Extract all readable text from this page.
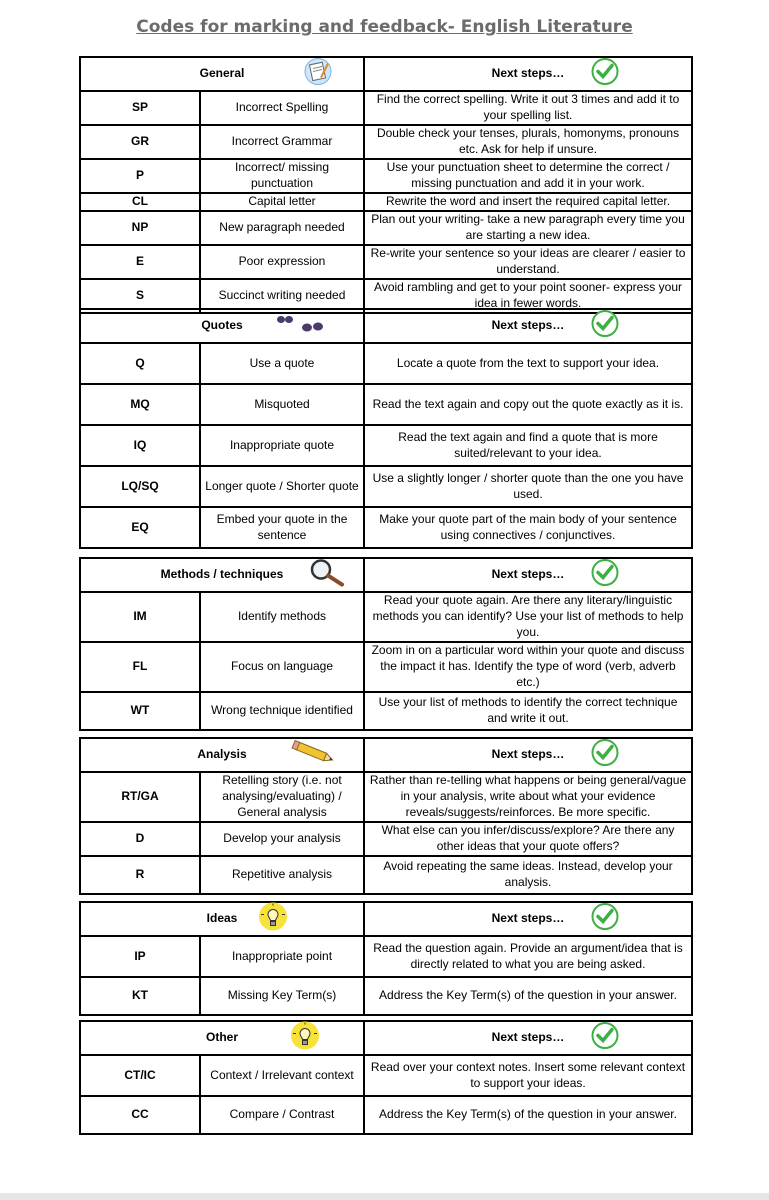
Codes for marking and feedback- English Literature
General		Next steps…

SP	Incorrect Spelling	Find the correct spelling. Write it out 3 times and add it to your spelling list.
GR	Incorrect Grammar	Double check your tenses, plurals, homonyms, pronouns etc. Ask for help if unsure.
P	Incorrect/ missing punctuation	Use your punctuation sheet to determine the correct / missing punctuation and add it in your work.
CL	Capital letter	Rewrite the word and insert the required capital letter.
NP	New paragraph needed	Plan out your writing- take a new paragraph every time you are starting a new idea.
E	Poor expression	Re-write your sentence so your ideas are clearer / easier to understand.
S	Succinct writing needed	Avoid rambling and get to your point sooner- express your idea in fewer words.
Quotes		Next steps…

Q	Use a quote	Locate a quote from the text to support your idea.
MQ	Misquoted	Read the text again and copy out the quote exactly as it is.
IQ	Inappropriate quote	Read the text again and find a quote that is more suited/relevant to your idea.
LQ/SQ	Longer quote / Shorter quote	Use a slightly longer / shorter quote than the one you have used.
EQ	Embed your quote in the sentence	Make your quote part of the main body of your sentence using connectives / conjunctives.
Methods / techniques		Next steps…

IM	Identify methods	Read your quote again. Are there any literary/linguistic methods you can identify? Use your list of methods to help you.
FL	Focus on language	Zoom in on a particular word within your quote and discuss the impact it has. Identify the type of word (verb, adverb etc.)
WT	Wrong technique identified	Use your list of methods to identify the correct technique and write it out.
Analysis		Next steps…

RT/GA	Retelling story (i.e. not analysing/evaluating) / General analysis	Rather than re-telling what happens or being general/vague in your analysis, write about what your evidence reveals/suggests/reinforces. Be more specific.
D	Develop your analysis	What else can you infer/discuss/explore? Are there any other ideas that your quote offers?
R	Repetitive analysis	Avoid repeating the same ideas. Instead, develop your analysis.
Ideas		Next steps…

IP	Inappropriate point	Read the question again. Provide an argument/idea that is directly related to what you are being asked.
KT	Missing Key Term(s)	Address the Key Term(s) of the question in your answer.
Other		Next steps…

CT/IC	Context / Irrelevant context	Read over your context notes. Insert some relevant context to support your ideas.
CC	Compare / Contrast	Address the Key Term(s) of the question in your answer.
